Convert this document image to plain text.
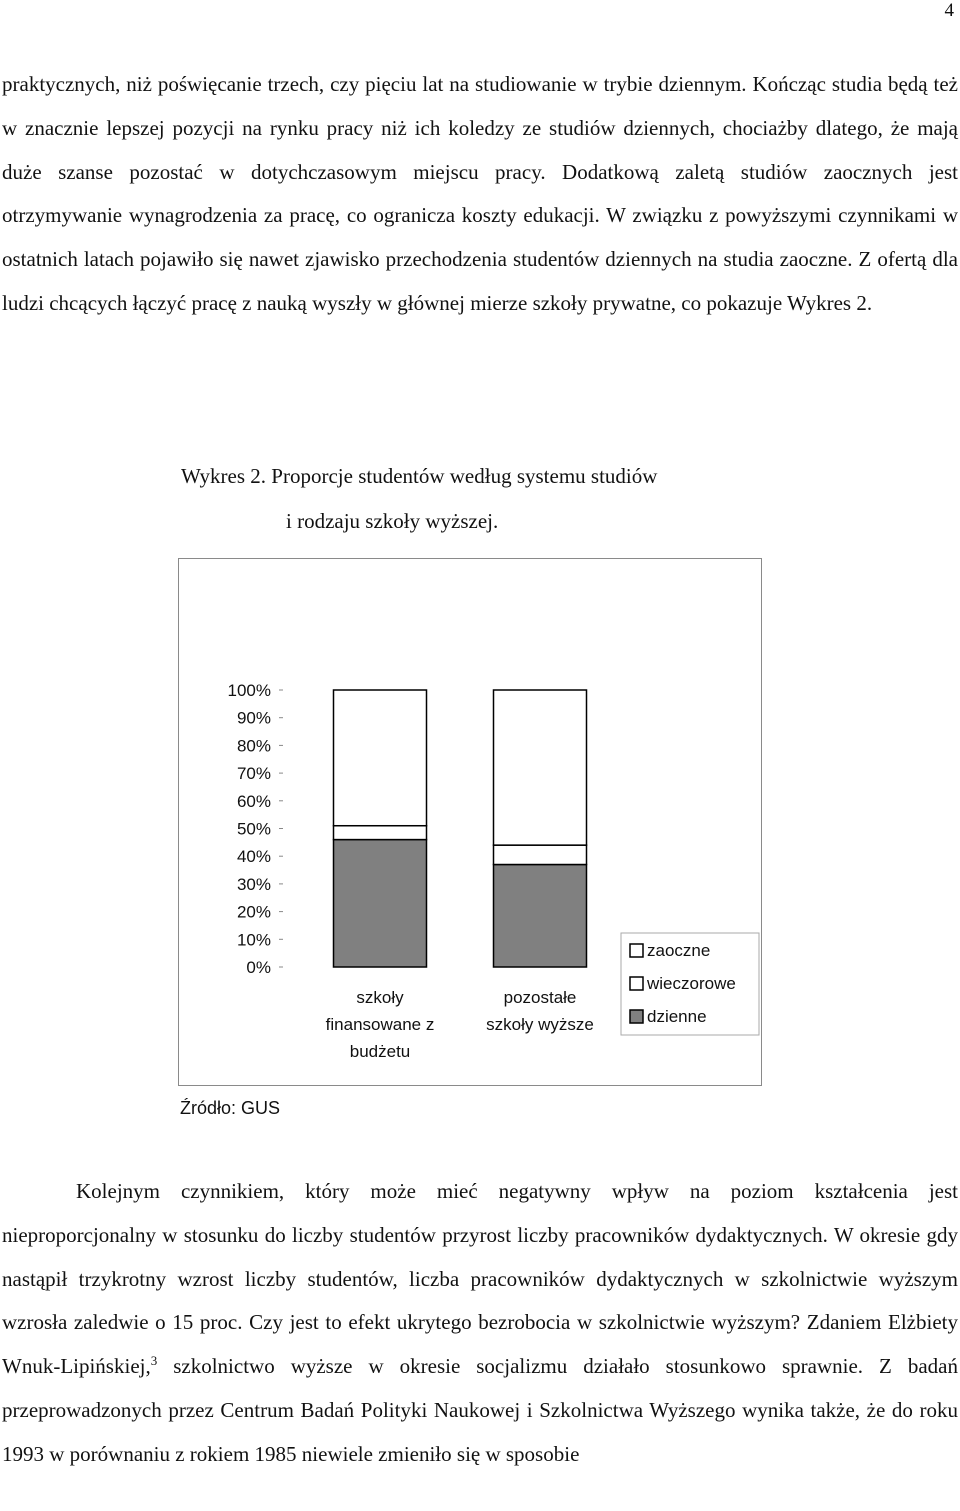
4

praktycznych, niż poświęcanie trzech, czy pięciu lat na studiowanie w trybie dziennym. Kończąc studia będą też w znacznie lepszej pozycji na rynku pracy niż ich koledzy ze studiów dziennych, chociażby dlatego, że mają duże szanse pozostać w dotychczasowym miejscu pracy. Dodatkową zaletą studiów zaocznych jest otrzymywanie wynagrodzenia za pracę, co ogranicza koszty edukacji. W związku z powyższymi czynnikami w ostatnich latach pojawiło się nawet zjawisko przechodzenia studentów dziennych na studia zaoczne. Z ofertą dla ludzi chcących łączyć pracę z nauką wyszły w głównej mierze szkoły prywatne, co pokazuje Wykres 2.

Wykres 2. Proporcje studentów według systemu studiów
i rodzaju szkoły wyższej.
100%
90%
80%
70%
60%
50%
40%
30%
20%
10%
0%
szkoły
finansowane z
budżetu
pozostałe
szkoły wyższe
zaoczne
wieczorowe
dzienne
Źródło: GUS

Kolejnym czynnikiem, który może mieć negatywny wpływ na poziom kształcenia jest nieproporcjonalny w stosunku do liczby studentów przyrost liczby pracowników dydaktycznych. W okresie gdy nastąpił trzykrotny wzrost liczby studentów, liczba pracowników dydaktycznych w szkolnictwie wyższym wzrosła zaledwie o 15 proc. Czy jest to efekt ukrytego bezrobocia w szkolnictwie wyższym? Zdaniem Elżbiety Wnuk-Lipińskiej,$^3$ szkolnictwo wyższe w okresie socjalizmu działało stosunkowo sprawnie. Z badań przeprowadzonych przez Centrum Badań Polityki Naukowej i Szkolnictwa Wyższego wynika także, że do roku 1993 w porównaniu z rokiem 1985 niewiele zmieniło się w sposobie
